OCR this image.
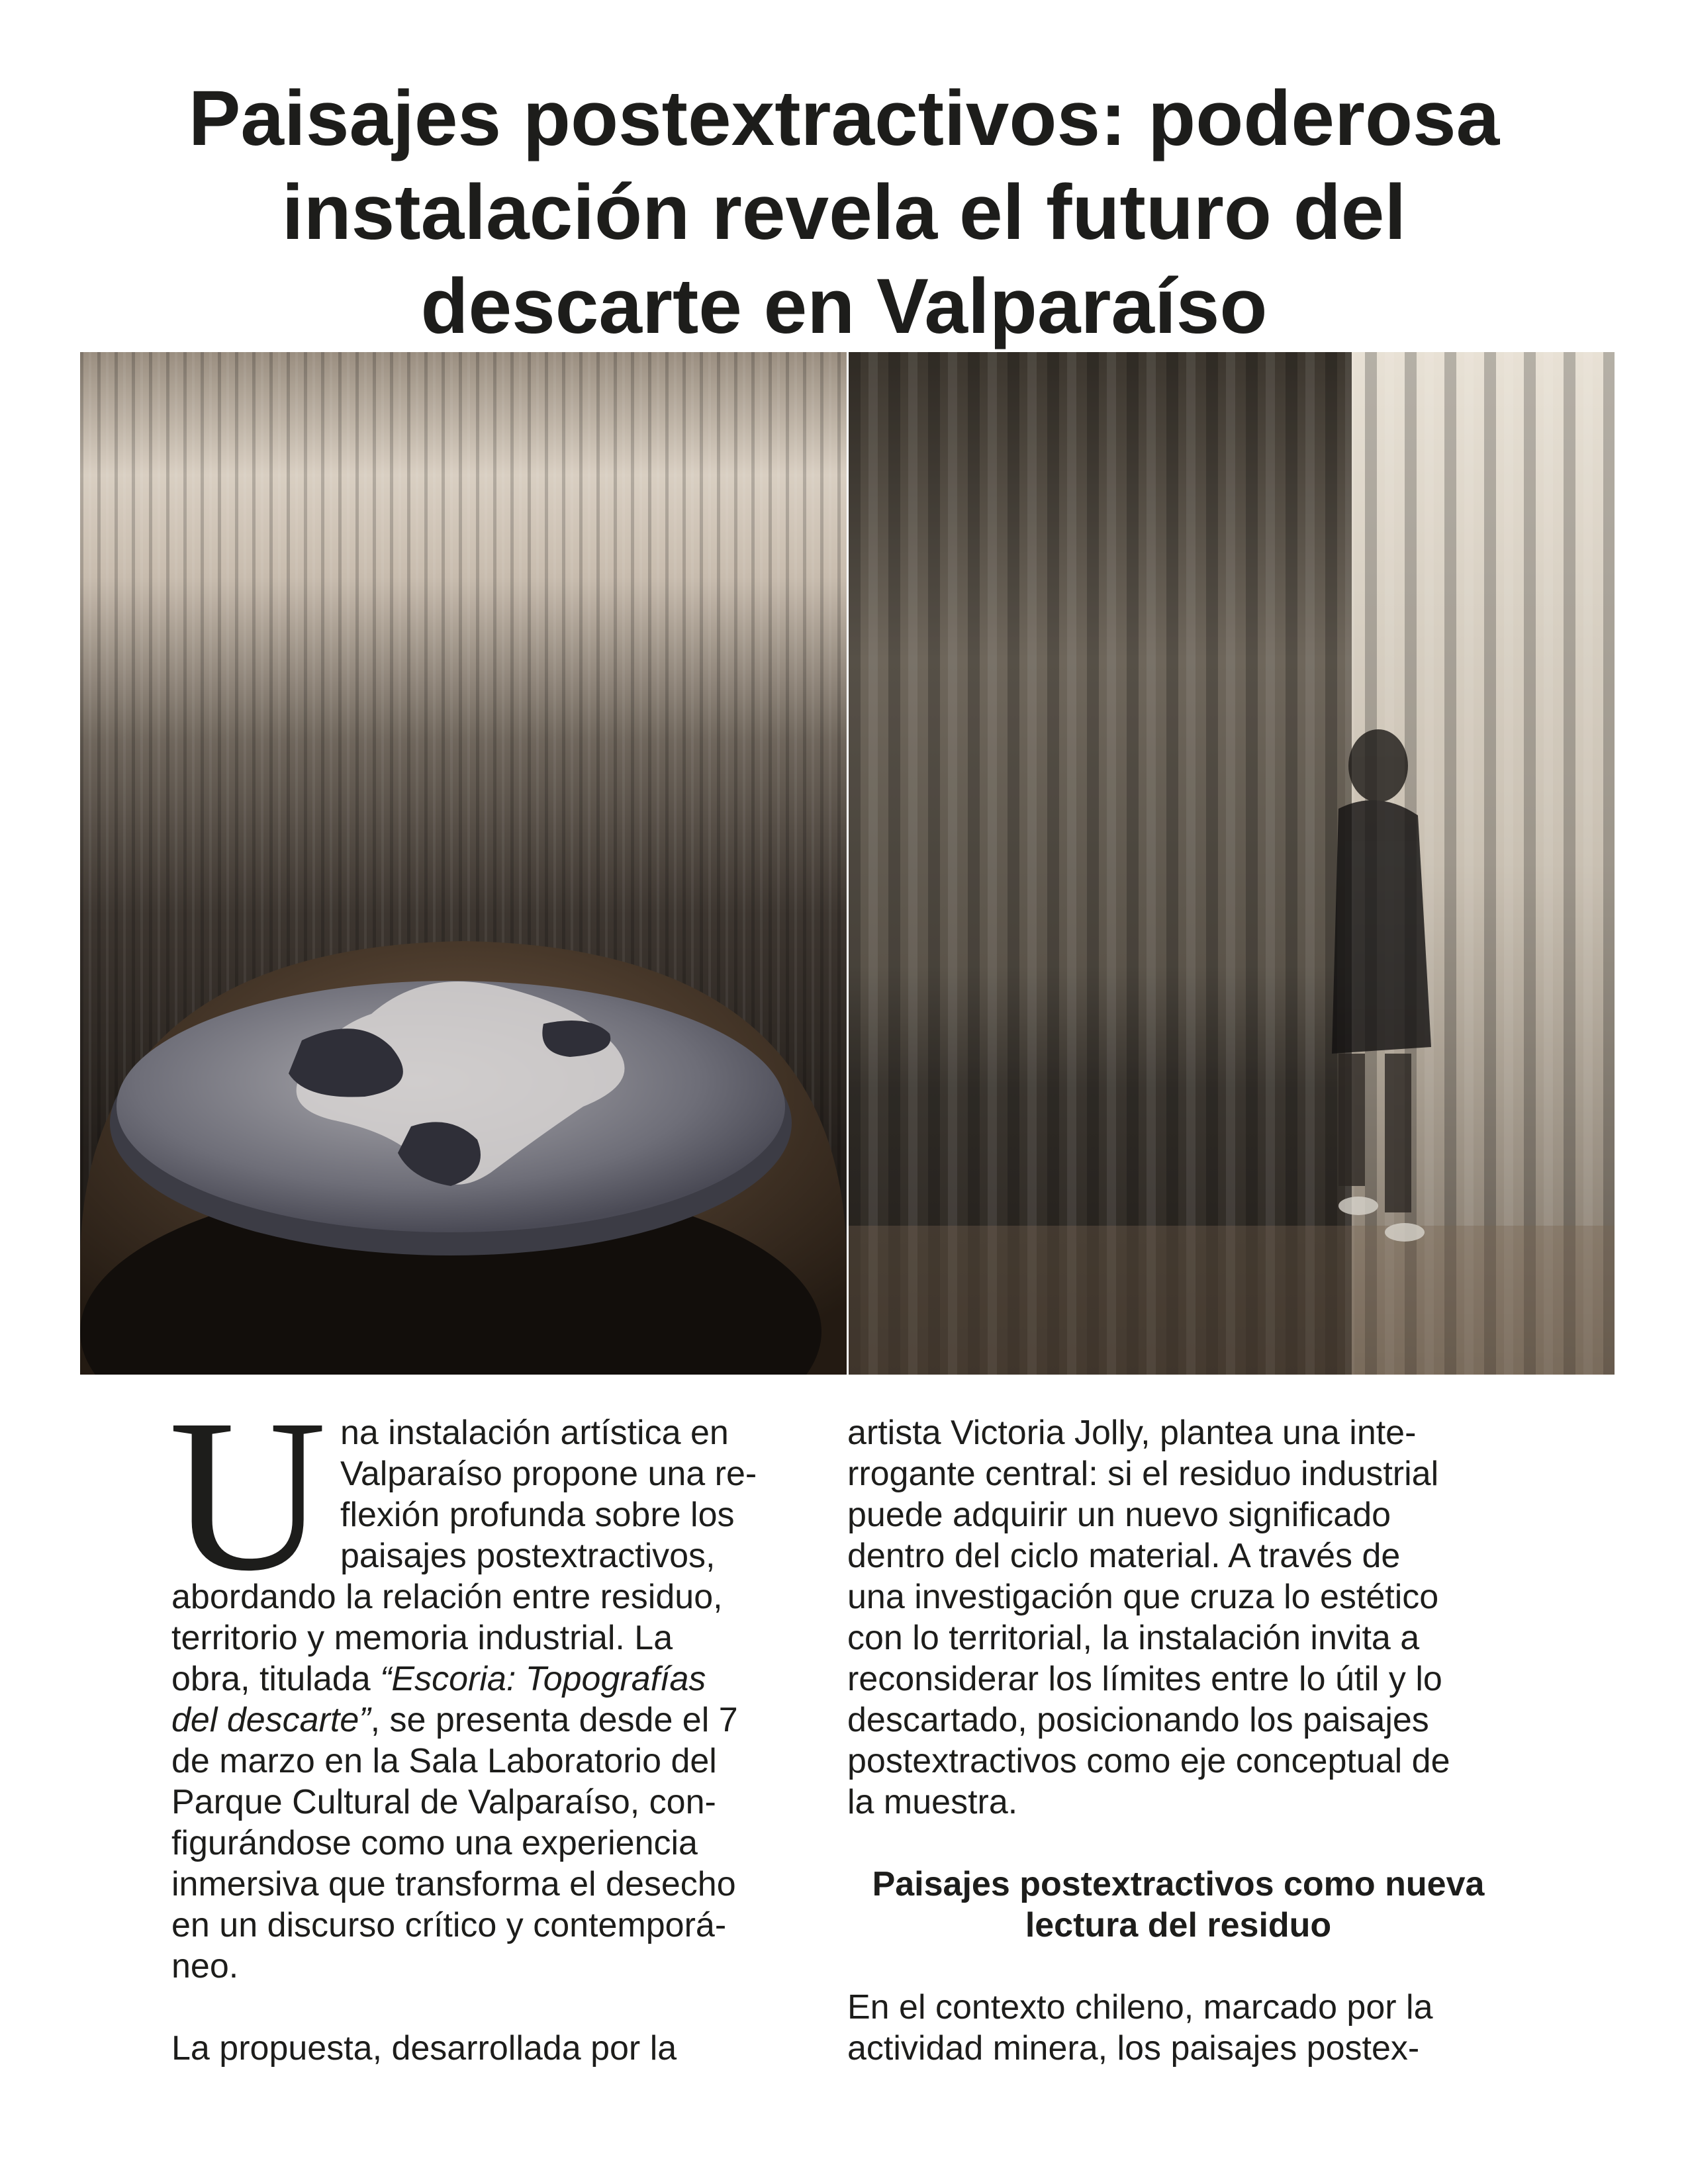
Paisajes postextractivos: poderosa
instalación revela el futuro del
descarte en Valparaíso
U na instalación artística en
Valparaíso propone una re-
flexión profunda sobre los
paisajes postextractivos,
abordando la relación entre residuo,
territorio y memoria industrial. La
obra, titulada “Escoria: Topografías
del descarte”, se presenta desde el 7
de marzo en la Sala Laboratorio del
Parque Cultural de Valparaíso, con-
figurándose como una experiencia
inmersiva que transforma el desecho
en un discurso crítico y contemporá-
neo.
La propuesta, desarrollada por la
artista Victoria Jolly, plantea una inte-
rrogante central: si el residuo industrial
puede adquirir un nuevo significado
dentro del ciclo material. A través de
una investigación que cruza lo estético
con lo territorial, la instalación invita a
reconsiderar los límites entre lo útil y lo
descartado, posicionando los paisajes
postextractivos como eje conceptual de
la muestra.
Paisajes postextractivos como nueva
lectura del residuo
En el contexto chileno, marcado por la
actividad minera, los paisajes postex-
